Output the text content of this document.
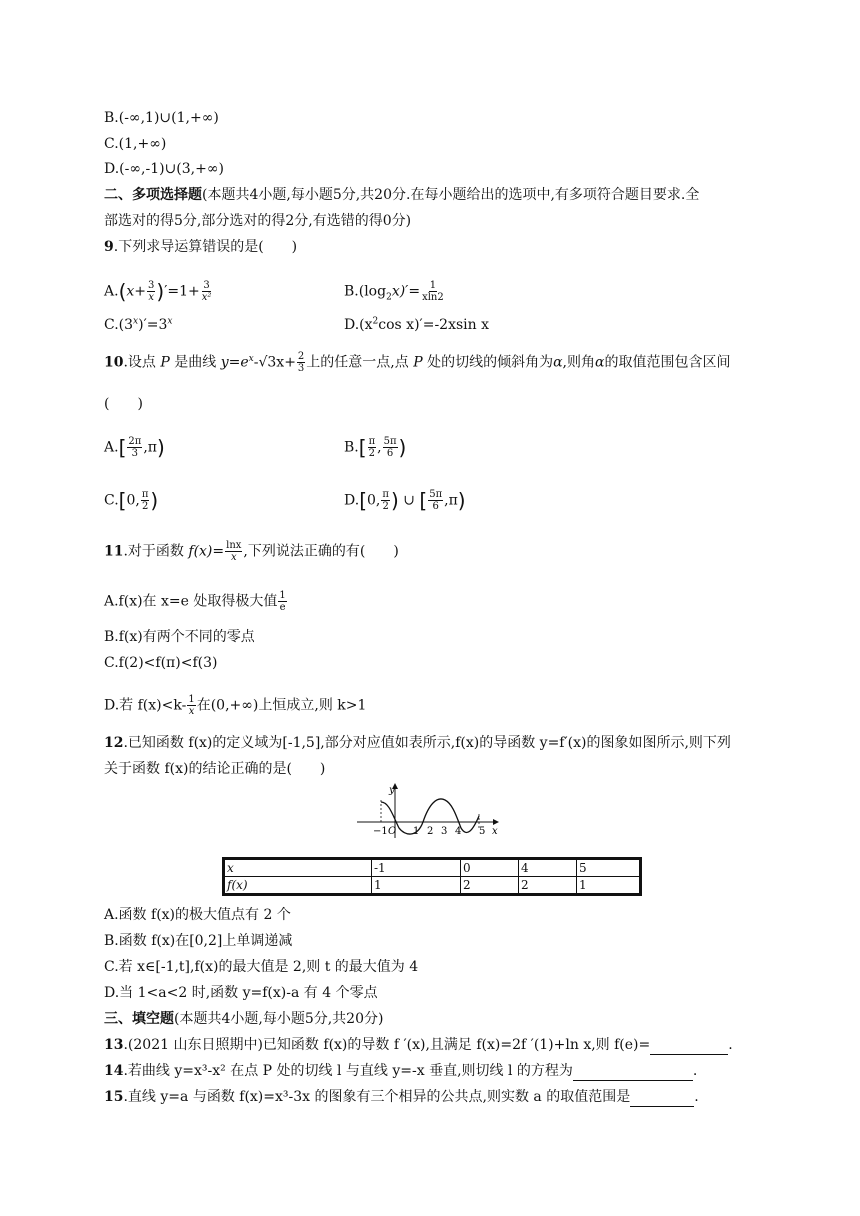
B.(-∞,1)∪(1,+∞)
C.(1,+∞)
D.(-∞,-1)∪(3,+∞)
二、多项选择题(本题共4小题,每小题5分,共20分.在每小题给出的选项中,有多项符合题目要求.全
部选对的得5分,部分选对的得2分,有选错的得0分)
9.下列求导运算错误的是(　　)
$A.(x+ \frac{3}{x} )'=1+ \frac{3}{\text{x²}}$	$B.(\log_2x)'= \frac{1}{xln2}$
$C.(3^x)'=3^x$	$D.(x^2\cos$ x)′=-2xsin x
10.设点 P 是曲线 $y=e^x-√3x+ \frac{2}{3}$ 上的任意一点,点 P 处的切线的倾斜角为α,则角α的取值范围包含区间
(　　)
$A.[ \frac{2\pi}{3} ,\pi)$	$B.[ \frac{\pi}{2}$ , $\frac{5\pi}{6}$ )
C.[0, $\frac{\pi}{2}$ )	D.[0, $\frac{\pi}{2}$ ) ∪ [ $\frac{5\pi}{6} ,\pi$)
11.对于函数 $f(x)= \frac{\ln x}{x}$ ,下列说法正确的有(　　)
A.f(x)在 x=e 处取得极大值 $\frac{1}{e}$
B.f(x)有两个不同的零点
C.f(2)<f(π)<f(3)
D.若 $f(x)<k- \frac{1}{x}$ 在(0,+∞)上恒成立,则 k>1
12.已知函数 f(x)的定义域为[-1,5],部分对应值如表所示,f(x)的导函数 y=f′(x)的图象如图所示,则下列
关于函数 f(x)的结论正确的是(　　)
y
x
−1 O 1 2 3 4 5
x	-1	0	4	5
f(x)	1	2	2	1
A.函数 f(x)的极大值点有 2 个
B.函数 f(x)在[0,2]上单调递减
C.若 x∈[-1,t],f(x)的最大值是 2,则 t 的最大值为 4
D.当 1<a<2 时,函数 y=f(x)-a 有 4 个零点
三、填空题(本题共4小题,每小题5分,共20分)
13.(2021 山东日照期中)已知函数 f(x)的导数 f ′(x),且满足 f(x)=2f ′(1)+ln x,则 f(e)=	.
14.若曲线 y=x³-x² 在点 P 处的切线 l 与直线 y=-x 垂直,则切线 l 的方程为	.
15.直线 y=a 与函数 f(x)=x³-3x 的图象有三个相异的公共点,则实数 a 的取值范围是	.
